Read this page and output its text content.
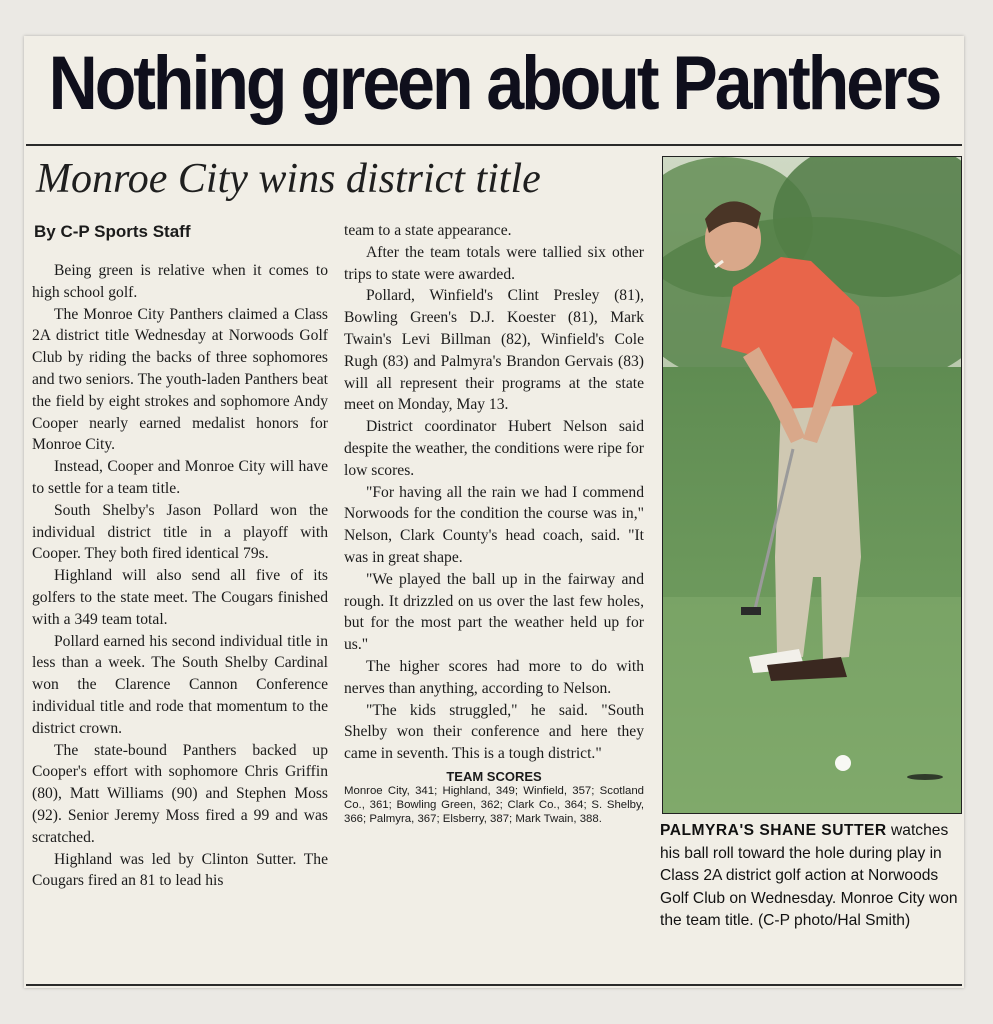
Nothing green about Panthers
Monroe City wins district title
By C-P Sports Staff

Being green is relative when it comes to high school golf.

The Monroe City Panthers claimed a Class 2A district title Wednesday at Norwoods Golf Club by riding the backs of three sophomores and two seniors. The youth-laden Panthers beat the field by eight strokes and sophomore Andy Cooper nearly earned medalist honors for Monroe City.

Instead, Cooper and Monroe City will have to settle for a team title.

South Shelby's Jason Pollard won the individual district title in a playoff with Cooper. They both fired identical 79s.

Highland will also send all five of its golfers to the state meet. The Cougars finished with a 349 team total.

Pollard earned his second individual title in less than a week. The South Shelby Cardinal won the Clarence Cannon Conference individual title and rode that momentum to the district crown.

The state-bound Panthers backed up Cooper's effort with sophomore Chris Griffin (80), Matt Williams (90) and Stephen Moss (92). Senior Jeremy Moss fired a 99 and was scratched.

Highland was led by Clinton Sutter. The Cougars fired an 81 to lead his

team to a state appearance.

After the team totals were tallied six other trips to state were awarded.

Pollard, Winfield's Clint Presley (81), Bowling Green's D.J. Koester (81), Mark Twain's Levi Billman (82), Winfield's Cole Rugh (83) and Palmyra's Brandon Gervais (83) will all represent their programs at the state meet on Monday, May 13.

District coordinator Hubert Nelson said despite the weather, the conditions were ripe for low scores.

"For having all the rain we had I commend Norwoods for the condition the course was in," Nelson, Clark County's head coach, said. "It was in great shape.

"We played the ball up in the fairway and rough. It drizzled on us over the last few holes, but for the most part the weather held up for us."

The higher scores had more to do with nerves than anything, according to Nelson.

"The kids struggled," he said. "South Shelby won their conference and here they came in seventh. This is a tough district."

TEAM SCORES
Monroe City, 341; Highland, 349; Winfield, 357; Scotland Co., 361; Bowling Green, 362; Clark Co., 364; S. Shelby, 366; Palmyra, 367; Elsberry, 387; Mark Twain, 388.
PALMYRA'S SHANE SUTTER watches his ball roll toward the hole during play in Class 2A district golf action at Norwoods Golf Club on Wednesday. Monroe City won the team title. (C-P photo/Hal Smith)
